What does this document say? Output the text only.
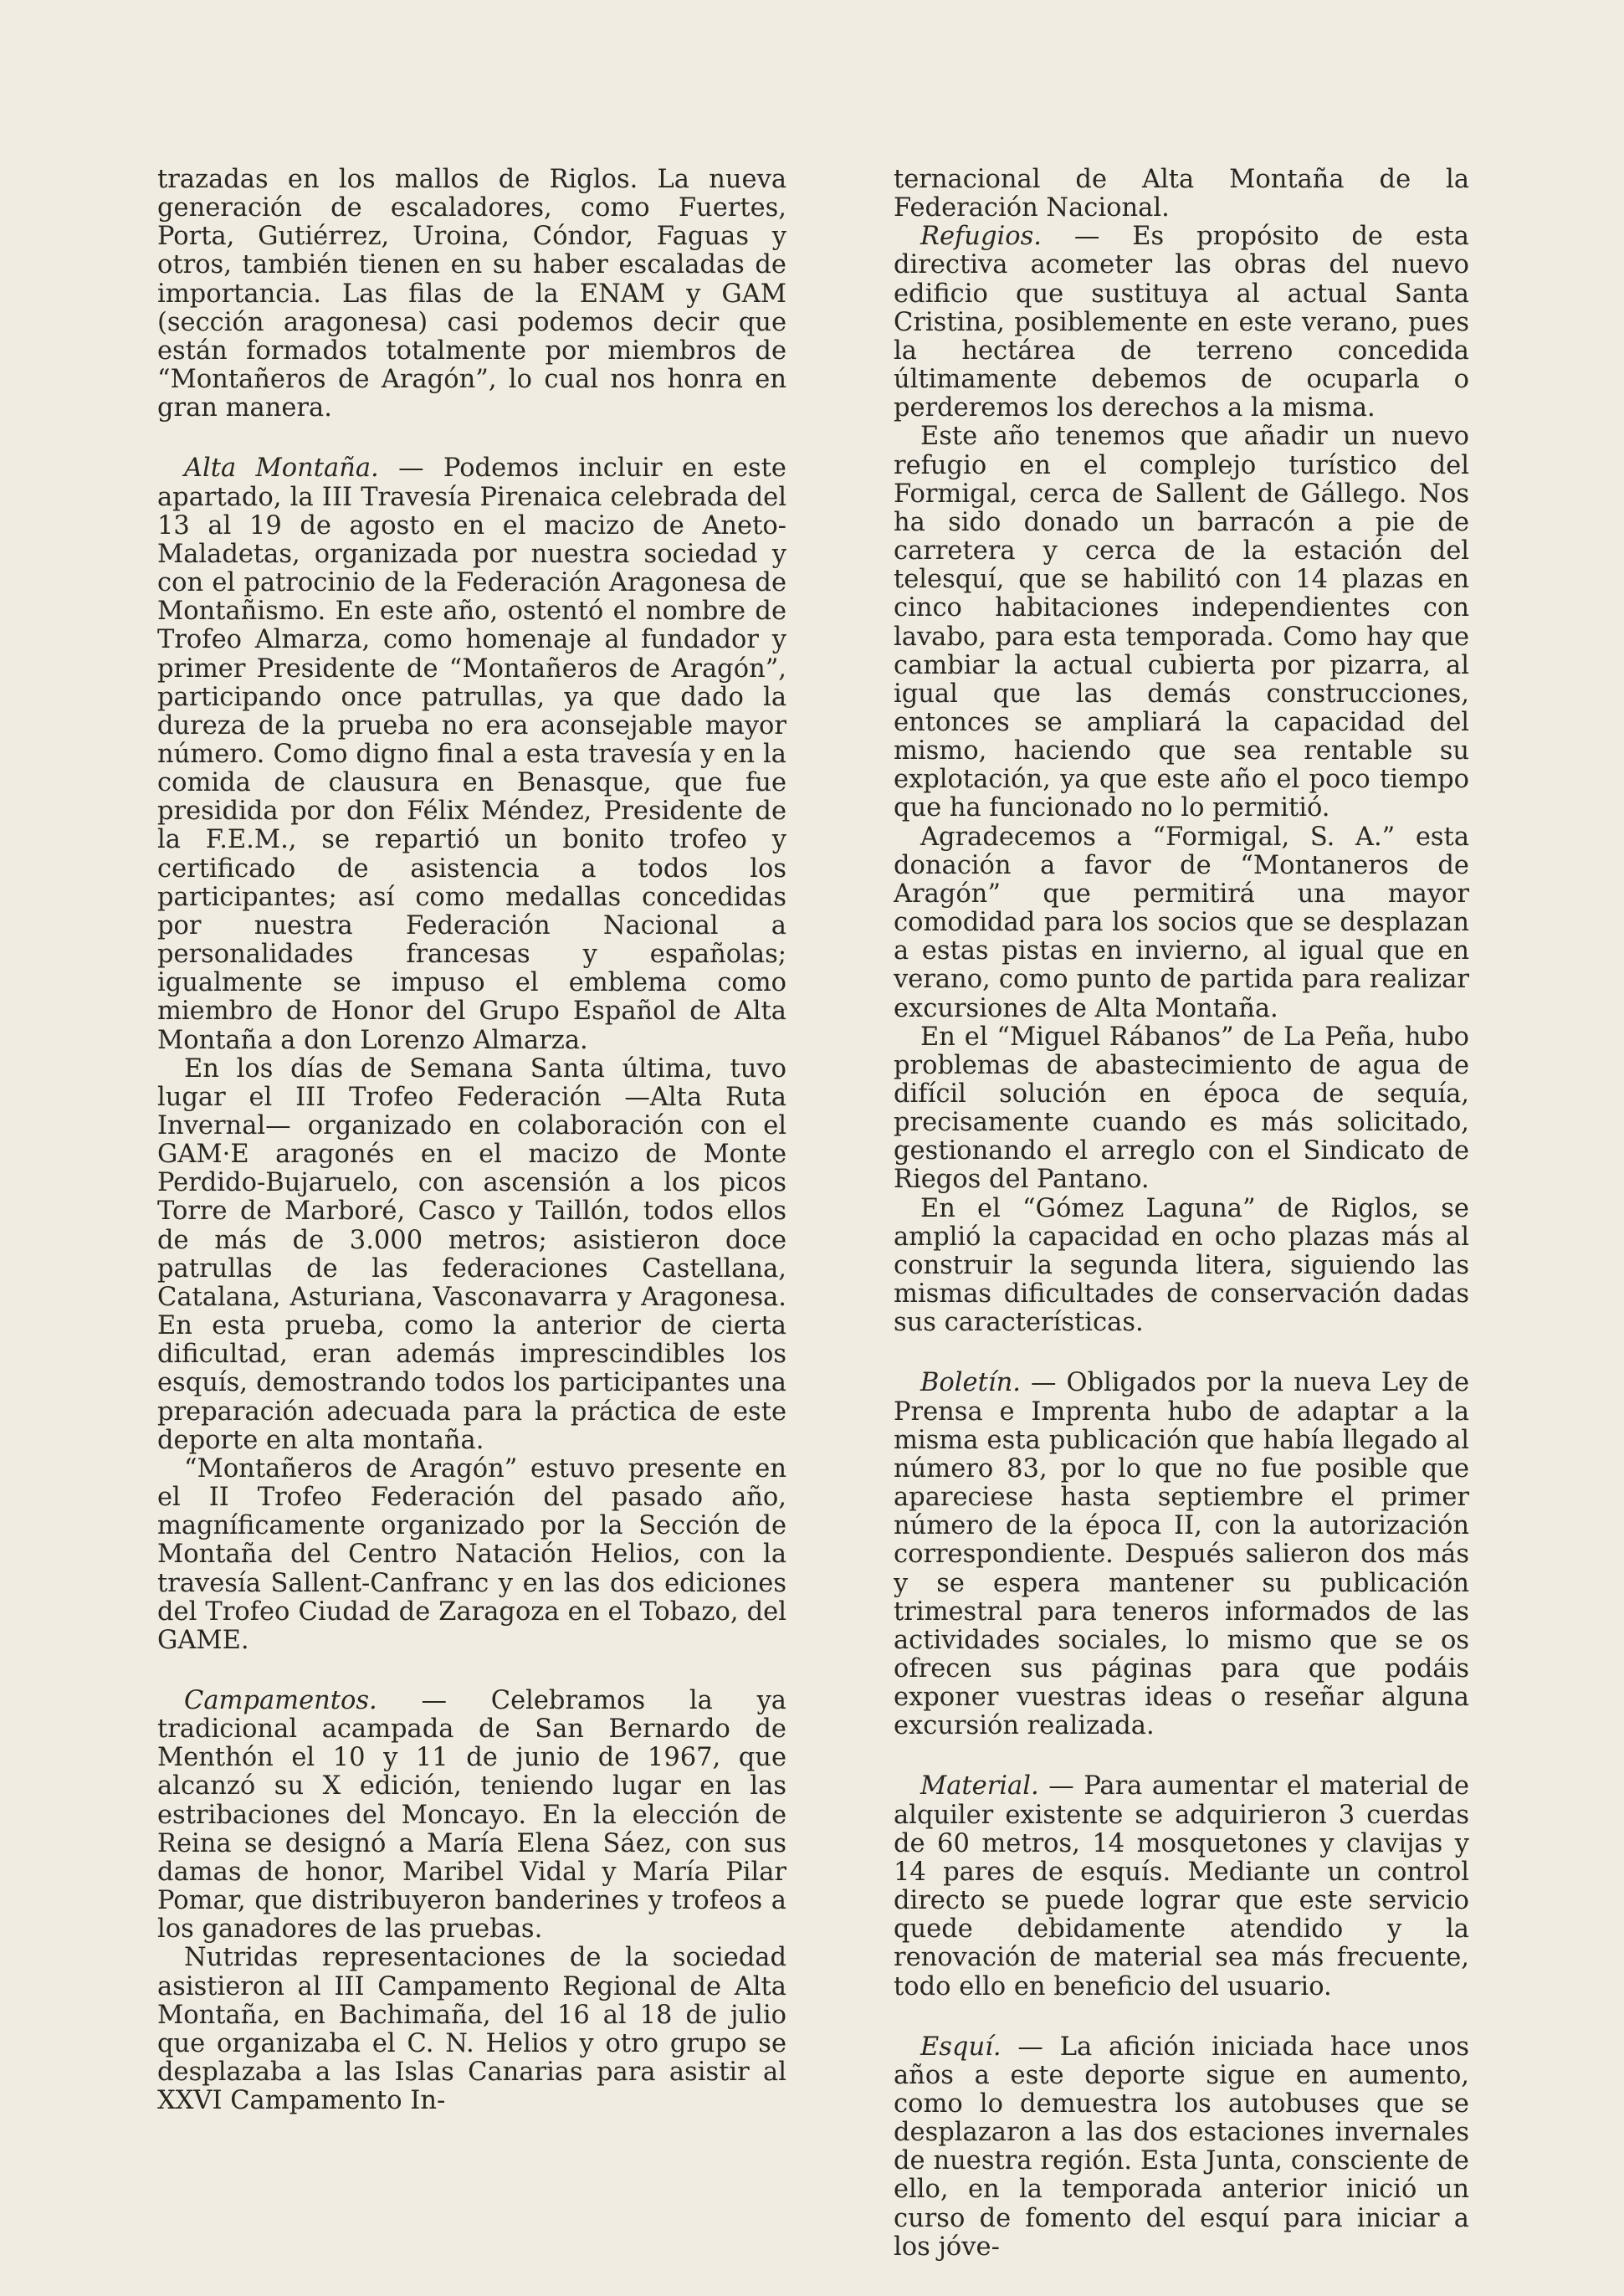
trazadas en los mallos de Riglos. La nueva generación de escaladores, como Fuertes, Porta, Gutiérrez, Uroina, Cóndor, Faguas y otros, también tienen en su haber escaladas de importancia. Las filas de la ENAM y GAM (sección aragonesa) casi podemos decir que están formados totalmente por miembros de “Montañeros de Aragón”, lo cual nos honra en gran manera.

Alta Montaña. — Podemos incluir en este apartado, la III Travesía Pirenaica celebrada del 13 al 19 de agosto en el macizo de Aneto-Maladetas, organizada por nuestra sociedad y con el patrocinio de la Federación Aragonesa de Montañismo. En este año, ostentó el nombre de Trofeo Almarza, como homenaje al fundador y primer Presidente de “Montañeros de Aragón”, participando once patrullas, ya que dado la dureza de la prueba no era aconsejable mayor número. Como digno final a esta travesía y en la comida de clausura en Benasque, que fue presidida por don Félix Méndez, Presidente de la F.E.M., se repartió un bonito trofeo y certificado de asistencia a todos los participantes; así como medallas concedidas por nuestra Federación Nacional a personalidades francesas y españolas; igualmente se impuso el emblema como miembro de Honor del Grupo Español de Alta Montaña a don Lorenzo Almarza.

En los días de Semana Santa última, tuvo lugar el III Trofeo Federación —Alta Ruta Invernal— organizado en colaboración con el GAM·E aragonés en el macizo de Monte Perdido-Bujaruelo, con ascensión a los picos Torre de Marboré, Casco y Taillón, todos ellos de más de 3.000 metros; asistieron doce patrullas de las federaciones Castellana, Catalana, Asturiana, Vasconavarra y Aragonesa. En esta prueba, como la anterior de cierta dificultad, eran además imprescindibles los esquís, demostrando todos los participantes una preparación adecuada para la práctica de este deporte en alta montaña.

“Montañeros de Aragón” estuvo presente en el II Trofeo Federación del pasado año, magníficamente organizado por la Sección de Montaña del Centro Natación Helios, con la travesía Sallent-Canfranc y en las dos ediciones del Trofeo Ciudad de Zaragoza en el Tobazo, del GAME.

Campamentos. — Celebramos la ya tradicional acampada de San Bernardo de Menthón el 10 y 11 de junio de 1967, que alcanzó su X edición, teniendo lugar en las estribaciones del Moncayo. En la elección de Reina se designó a María Elena Sáez, con sus damas de honor, Maribel Vidal y María Pilar Pomar, que distribuyeron banderines y trofeos a los ganadores de las pruebas.

Nutridas representaciones de la sociedad asistieron al III Campamento Regional de Alta Montaña, en Bachimaña, del 16 al 18 de julio que organizaba el C. N. Helios y otro grupo se desplazaba a las Islas Canarias para asistir al XXVI Campamento In-

ternacional de Alta Montaña de la Federación Nacional.

Refugios. — Es propósito de esta directiva acometer las obras del nuevo edificio que sustituya al actual Santa Cristina, posiblemente en este verano, pues la hectárea de terreno concedida últimamente debemos de ocuparla o perderemos los derechos a la misma.

Este año tenemos que añadir un nuevo refugio en el complejo turístico del Formigal, cerca de Sallent de Gállego. Nos ha sido donado un barracón a pie de carretera y cerca de la estación del telesquí, que se habilitó con 14 plazas en cinco habitaciones independientes con lavabo, para esta temporada. Como hay que cambiar la actual cubierta por pizarra, al igual que las demás construcciones, entonces se ampliará la capacidad del mismo, haciendo que sea rentable su explotación, ya que este año el poco tiempo que ha funcionado no lo permitió.

Agradecemos a “Formigal, S. A.” esta donación a favor de “Montaneros de Aragón” que permitirá una mayor comodidad para los socios que se desplazan a estas pistas en invierno, al igual que en verano, como punto de partida para realizar excursiones de Alta Montaña.

En el “Miguel Rábanos” de La Peña, hubo problemas de abastecimiento de agua de difícil solución en época de sequía, precisamente cuando es más solicitado, gestionando el arreglo con el Sindicato de Riegos del Pantano.

En el “Gómez Laguna” de Riglos, se amplió la capacidad en ocho plazas más al construir la segunda litera, siguiendo las mismas dificultades de conservación dadas sus características.

Boletín. — Obligados por la nueva Ley de Prensa e Imprenta hubo de adaptar a la misma esta publicación que había llegado al número 83, por lo que no fue posible que apareciese hasta septiembre el primer número de la época II, con la autorización correspondiente. Después salieron dos más y se espera mantener su publicación trimestral para teneros informados de las actividades sociales, lo mismo que se os ofrecen sus páginas para que podáis exponer vuestras ideas o reseñar alguna excursión realizada.

Material. — Para aumentar el material de alquiler existente se adquirieron 3 cuerdas de 60 metros, 14 mosquetones y clavijas y 14 pares de esquís. Mediante un control directo se puede lograr que este servicio quede debidamente atendido y la renovación de material sea más frecuente, todo ello en beneficio del usuario.

Esquí. — La afición iniciada hace unos años a este deporte sigue en aumento, como lo demuestra los autobuses que se desplazaron a las dos estaciones invernales de nuestra región. Esta Junta, consciente de ello, en la temporada anterior inició un curso de fomento del esquí para iniciar a los jóve-
